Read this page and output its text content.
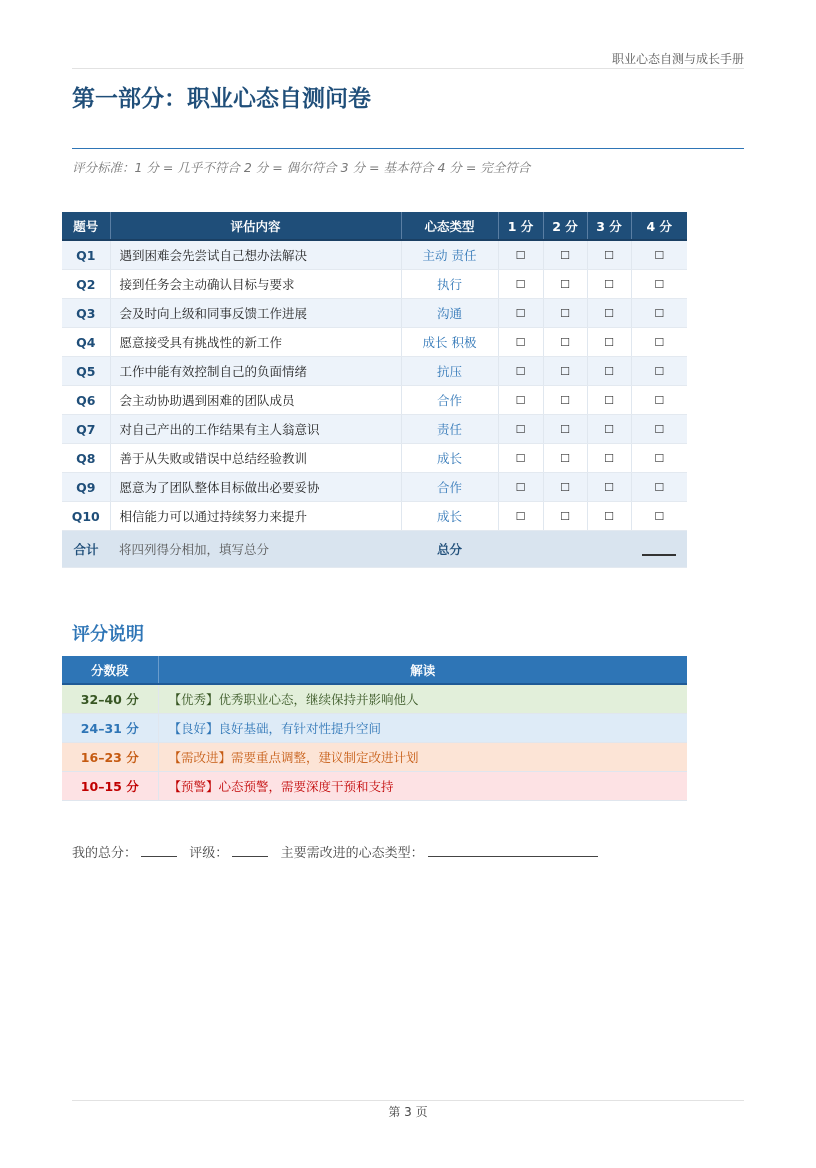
职业心态自测与成长手册
第一部分：职业心态自测问卷
评分标准：1 分 = 几乎不符合 2 分 = 偶尔符合 3 分 = 基本符合 4 分 = 完全符合
题号	评估内容	心态类型	1 分	2 分	3 分	4 分
Q1	遇到困难会先尝试自己想办法解决	主动 责任	☐	☐	☐	☐
Q2	接到任务会主动确认目标与要求	执行	☐	☐	☐	☐
Q3	会及时向上级和同事反馈工作进展	沟通	☐	☐	☐	☐
Q4	愿意接受具有挑战性的新工作	成长 积极	☐	☐	☐	☐
Q5	工作中能有效控制自己的负面情绪	抗压	☐	☐	☐	☐
Q6	会主动协助遇到困难的团队成员	合作	☐	☐	☐	☐
Q7	对自己产出的工作结果有主人翁意识	责任	☐	☐	☐	☐
Q8	善于从失败或错误中总结经验教训	成长	☐	☐	☐	☐
Q9	愿意为了团队整体目标做出必要妥协	合作	☐	☐	☐	☐
Q10	相信能力可以通过持续努力来提升	成长	☐	☐	☐	☐
合计	将四列得分相加，填写总分	总分				
评分说明
分数段	解读
32–40 分	【优秀】优秀职业心态，继续保持并影响他人
24–31 分	【良好】良好基础，有针对性提升空间
16–23 分	【需改进】需要重点调整，建议制定改进计划
10–15 分	【预警】心态预警，需要深度干预和支持
我的总分：	评级：	主要需改进的心态类型：
第 3 页
